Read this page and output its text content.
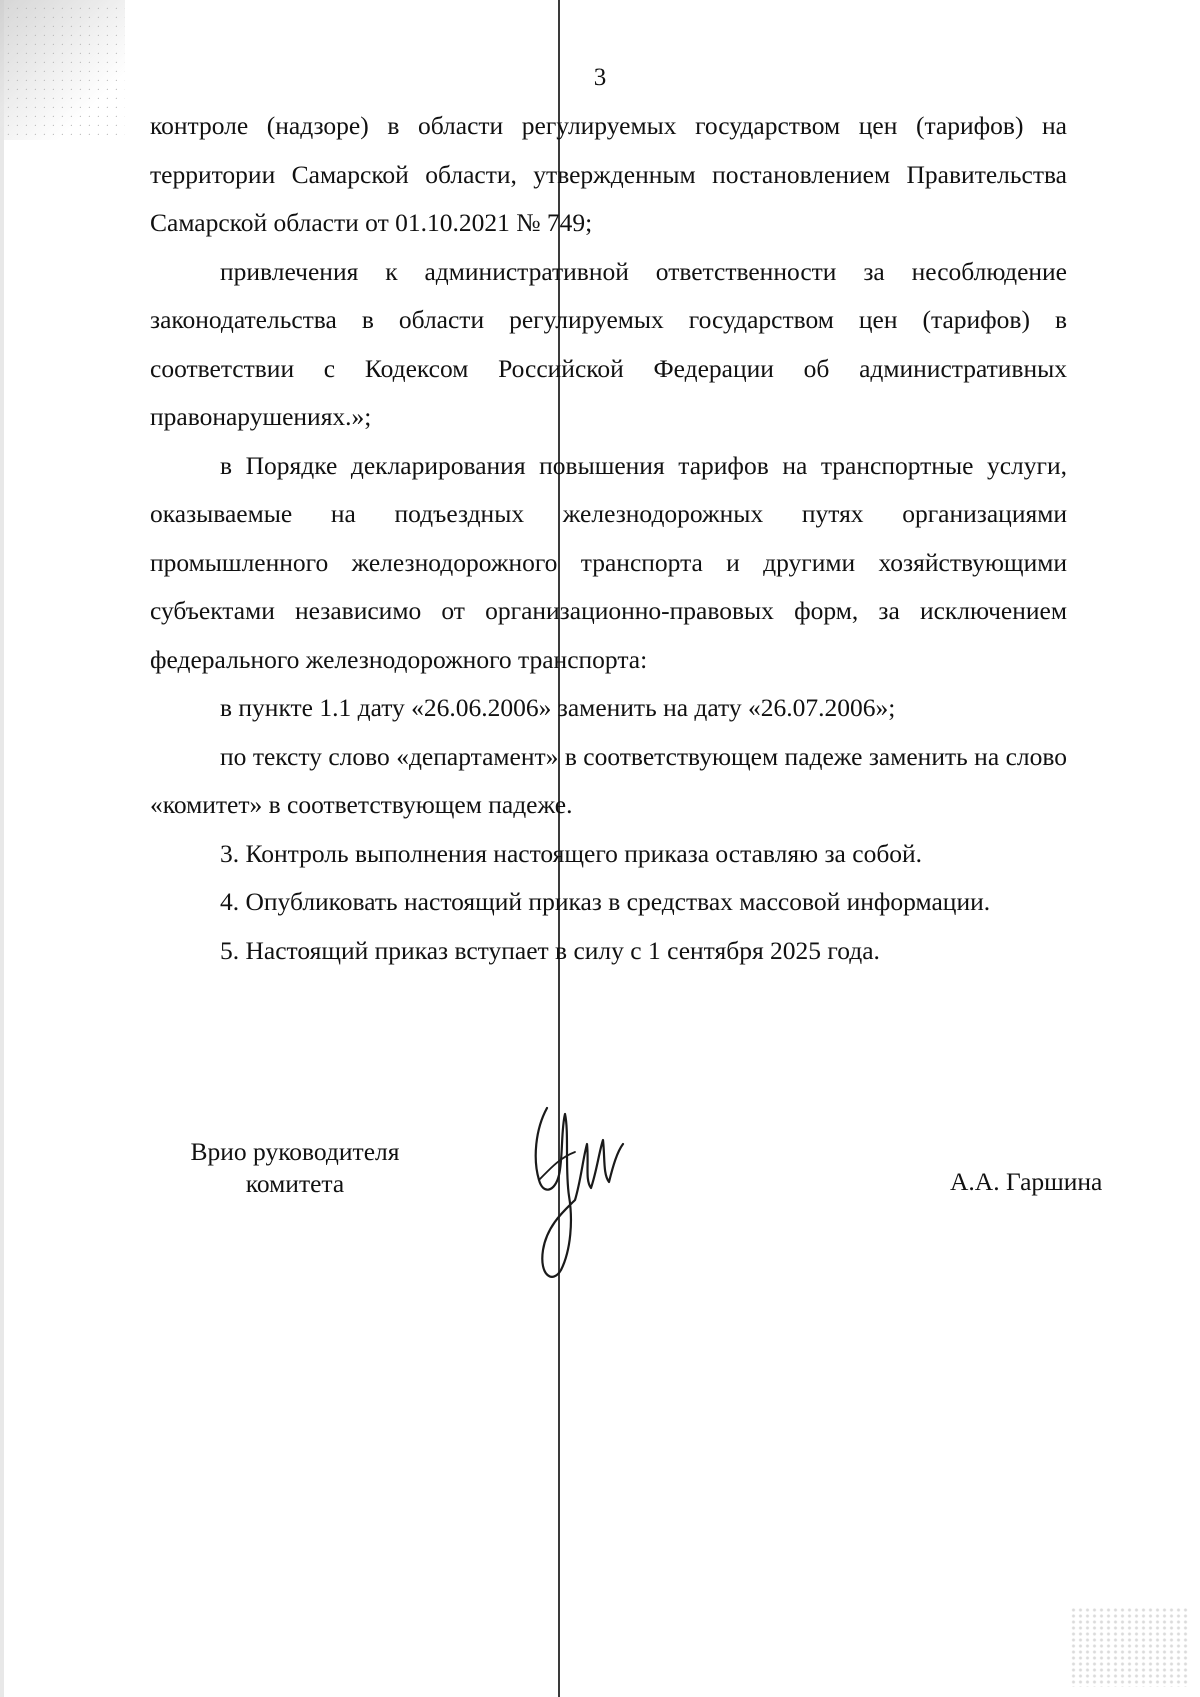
3

контроле (надзоре) в области регулируемых государством цен (тарифов) на территории Самарской области, утвержденным постановлением Правительства Самарской области от 01.10.2021 № 749;

привлечения к административной ответственности за несоблюдение законодательства в области регулируемых государством цен (тарифов) в соответствии с Кодексом Российской Федерации об административных правонарушениях.»;

в Порядке декларирования повышения тарифов на транспортные услуги, оказываемые на подъездных железнодорожных путях организациями промышленного железнодорожного транспорта и другими хозяйствующими субъектами независимо от организационно-правовых форм, за исключением федерального железнодорожного транспорта:

в пункте 1.1 дату «26.06.2006» заменить на дату «26.07.2006»;

по тексту слово «департамент» в соответствующем падеже заменить на слово «комитет» в соответствующем падеже.

3. Контроль выполнения настоящего приказа оставляю за собой.

4. Опубликовать настоящий приказ в средствах массовой информации.

5. Настоящий приказ вступает в силу с 1 сентября 2025 года.

Врио руководителя
комитета	А.А. Гаршина
